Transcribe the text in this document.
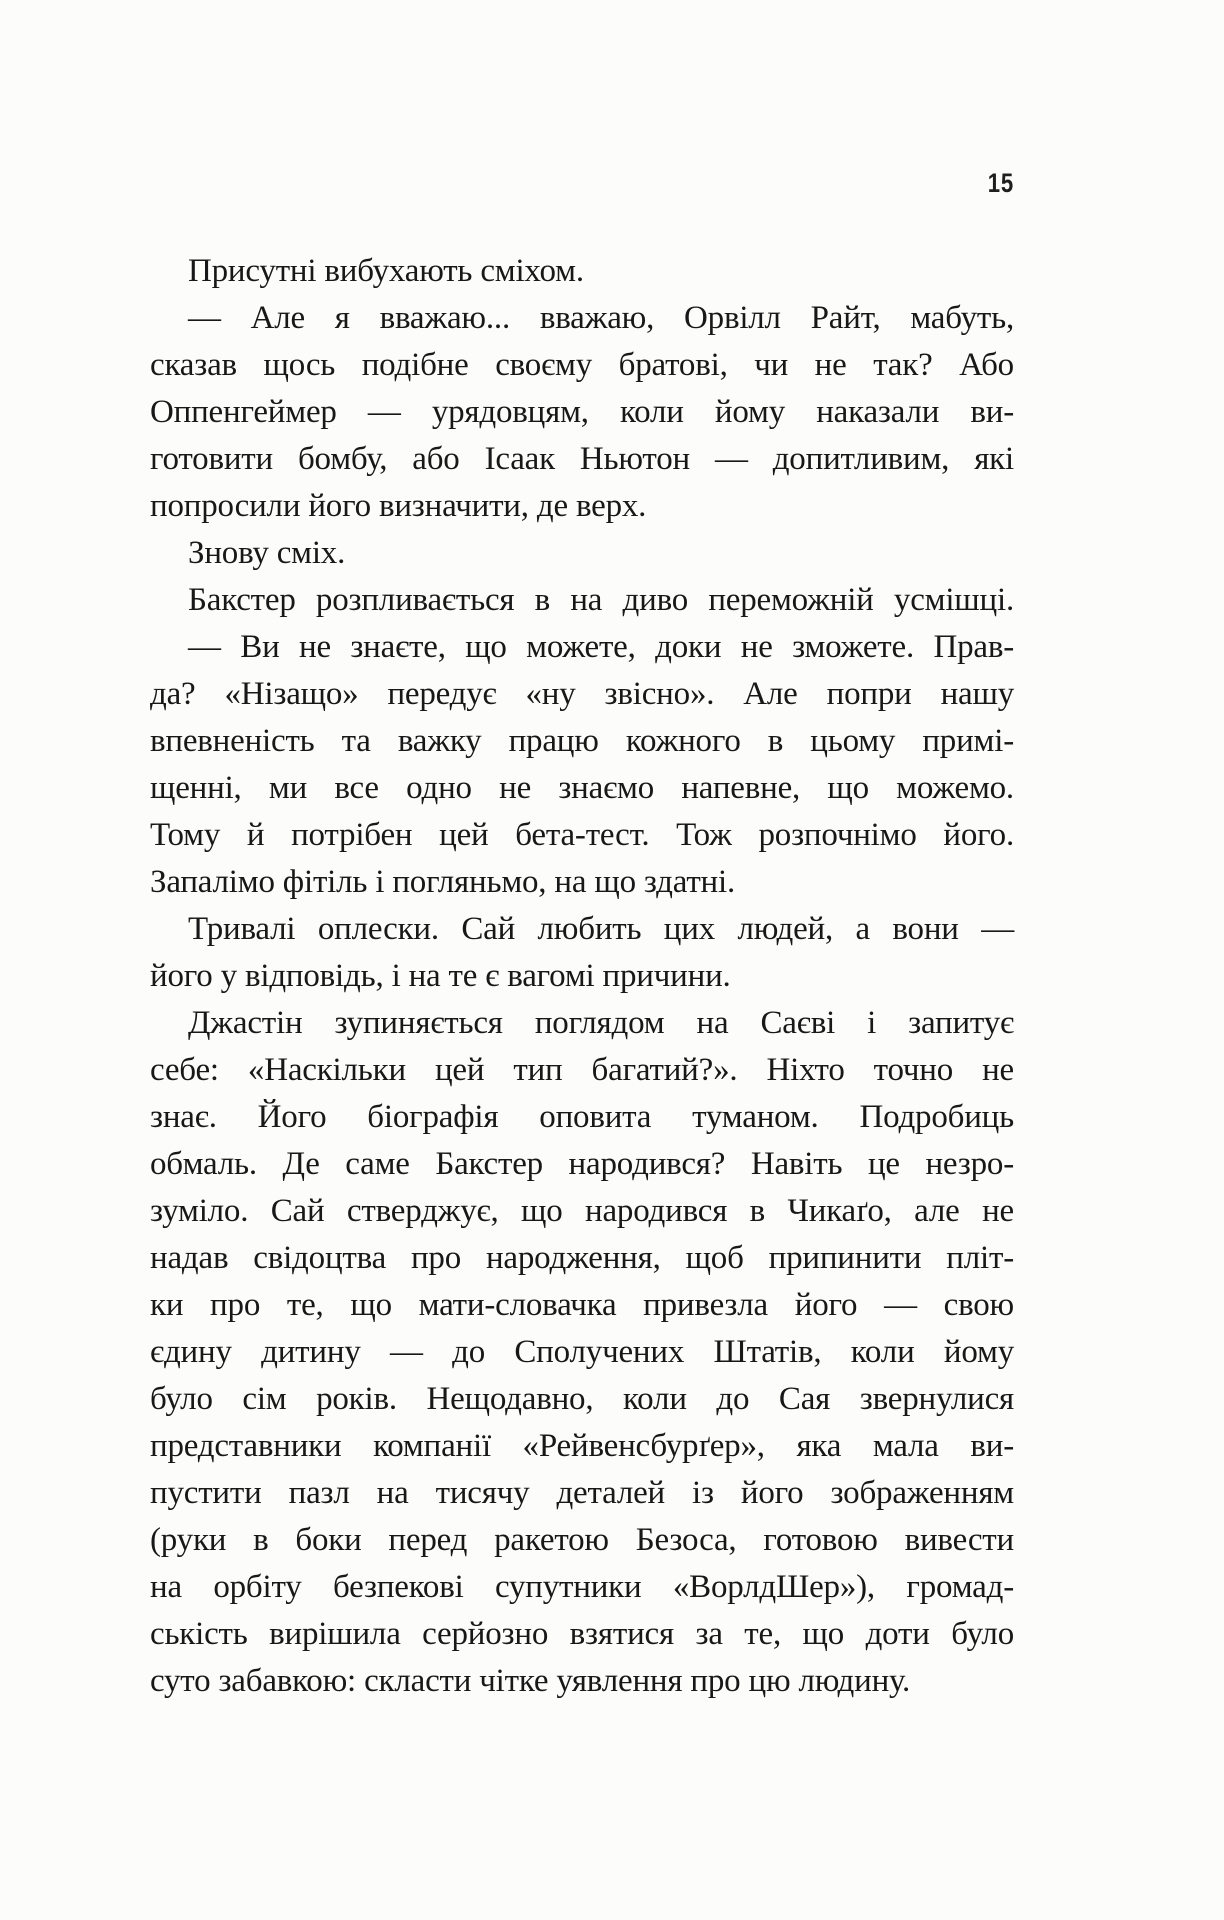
15
Присутні вибухають сміхом.
— Але я вважаю... вважаю, Орвілл Райт, мабуть,
сказав щось подібне своєму братові, чи не так? Або
Оппенгеймер — урядовцям, коли йому наказали ви-
готовити бомбу, або Ісаак Ньютон — допитливим, які
попросили його визначити, де верх.
Знову сміх.
Бакстер розпливається в на диво переможній усмішці.
— Ви не знаєте, що можете, доки не зможете. Прав-
да? «Нізащо» передує «ну звісно». Але попри нашу
впевненість та важку працю кожного в цьому примі-
щенні, ми все одно не знаємо напевне, що можемо.
Тому й потрібен цей бета-тест. Тож розпочнімо його.
Запалімо фітіль і погляньмо, на що здатні.
Тривалі оплески. Сай любить цих людей, а вони —
його у відповідь, і на те є вагомі причини.
Джастін зупиняється поглядом на Саєві і запитує
себе: «Наскільки цей тип багатий?». Ніхто точно не
знає. Його біографія оповита туманом. Подробиць
обмаль. Де саме Бакстер народився? Навіть це незро-
зуміло. Сай стверджує, що народився в Чикаґо, але не
надав свідоцтва про народження, щоб припинити пліт-
ки про те, що мати-словачка привезла його — свою
єдину дитину — до Сполучених Штатів, коли йому
було сім років. Нещодавно, коли до Сая звернулися
представники компанії «Рейвенсбурґер», яка мала ви-
пустити пазл на тисячу деталей із його зображенням
(руки в боки перед ракетою Безоса, готовою вивести
на орбіту безпекові супутники «ВорлдШер»), громад-
ськість вирішила серйозно взятися за те, що доти було
суто забавкою: скласти чітке уявлення про цю людину.
